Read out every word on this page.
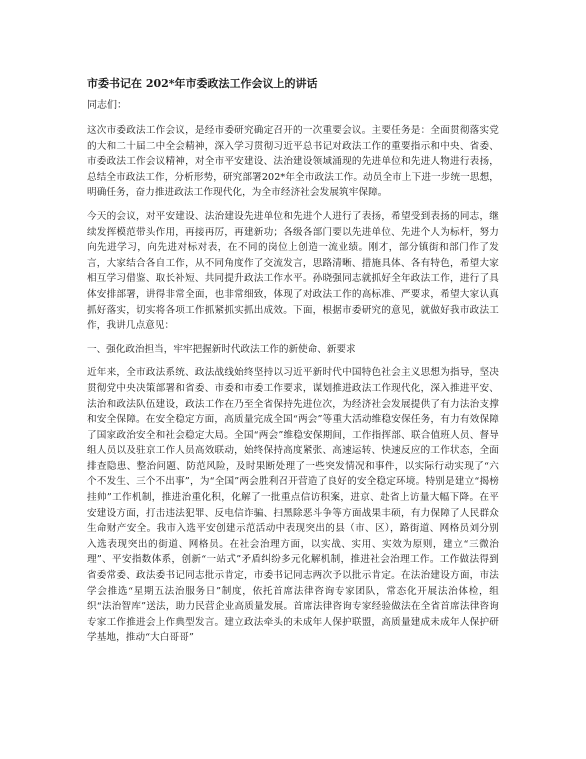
市委书记在 202*年市委政法工作会议上的讲话

同志们：

这次市委政法工作会议，是经市委研究确定召开的一次重要会议。主要任务是：全面贯彻落实党的大和二十届二中全会精神，深入学习贯彻习近平总书记对政法工作的重要指示和中央、省委、市委政法工作会议精神，对全市平安建设、法治建设领域涌现的先进单位和先进人物进行表扬，总结全市政法工作，分析形势，研究部署202*年全市政法工作。动员全市上下进一步统一思想，明确任务，奋力推进政法工作现代化，为全市经济社会发展筑牢保障。

今天的会议，对平安建设、法治建设先进单位和先进个人进行了表扬，希望受到表扬的同志，继续发挥模范带头作用，再接再厉，再建新功；各级各部门要以先进单位、先进个人为标杆，努力向先进学习，向先进对标对表，在不同的岗位上创造一流业绩。刚才，部分镇街和部门作了发言，大家结合各自工作，从不同角度作了交流发言，思路清晰、措施具体、各有特色，希望大家相互学习借鉴、取长补短、共同提升政法工作水平。孙晓强同志就抓好全年政法工作，进行了具体安排部署，讲得非常全面，也非常细致，体现了对政法工作的高标准、严要求，希望大家认真抓好落实，切实将各项工作抓紧抓实抓出成效。下面，根据市委研究的意见，就做好我市政法工作，我讲几点意见：

一、强化政治担当，牢牢把握新时代政法工作的新使命、新要求

近年来，全市政法系统、政法战线始终坚持以习近平新时代中国特色社会主义思想为指导，坚决贯彻党中央决策部署和省委、市委和市委工作要求，谋划推进政法工作现代化，深入推进平安、法治和政法队伍建设，政法工作在乃至全省保持先进位次，为经济社会发展提供了有力法治支撑和安全保障。在安全稳定方面，高质量完成全国“两会”等重大活动维稳安保任务，有力有效保障了国家政治安全和社会稳定大局。全国“两会”维稳安保期间，工作指挥部、联合值班人员、督导组人员以及驻京工作人员高效联动，始终保持高度紧张、高速运转、快速反应的工作状态，全面排查隐患、整治问题、防范风险，及时果断处理了一些突发情况和事件，以实际行动实现了“六个不发生、三个不出事”，为“全国”两会胜利召开营造了良好的安全稳定环境。特别是建立“揭榜挂帅”工作机制，推进治重化积，化解了一批重点信访积案，进京、赴省上访量大幅下降。在平安建设方面，打击违法犯罪、反电信诈骗、扫黑除恶斗争等方面战果丰硕，有力保障了人民群众生命财产安全。我市入选平安创建示范活动中表现突出的县（市、区），路街道、网格员刘分别入选表现突出的街道、网格员。在社会治理方面，以实战、实用、实效为原则，建立“三微治理”、平安指数体系，创新“一站式”矛盾纠纷多元化解机制，推进社会治理工作。工作做法得到省委常委、政法委书记同志批示肯定，市委书记同志两次予以批示肯定。在法治建设方面，市法学会推选“星期五法治服务日”制度，依托首席法律咨询专家团队，常态化开展法治体检，组织“法治智库”送法，助力民营企业高质量发展。首席法律咨询专家经验做法在全省首席法律咨询专家工作推进会上作典型发言。建立政法牵头的未成年人保护联盟，高质量建成未成年人保护研学基地，推动“大白哥哥”
